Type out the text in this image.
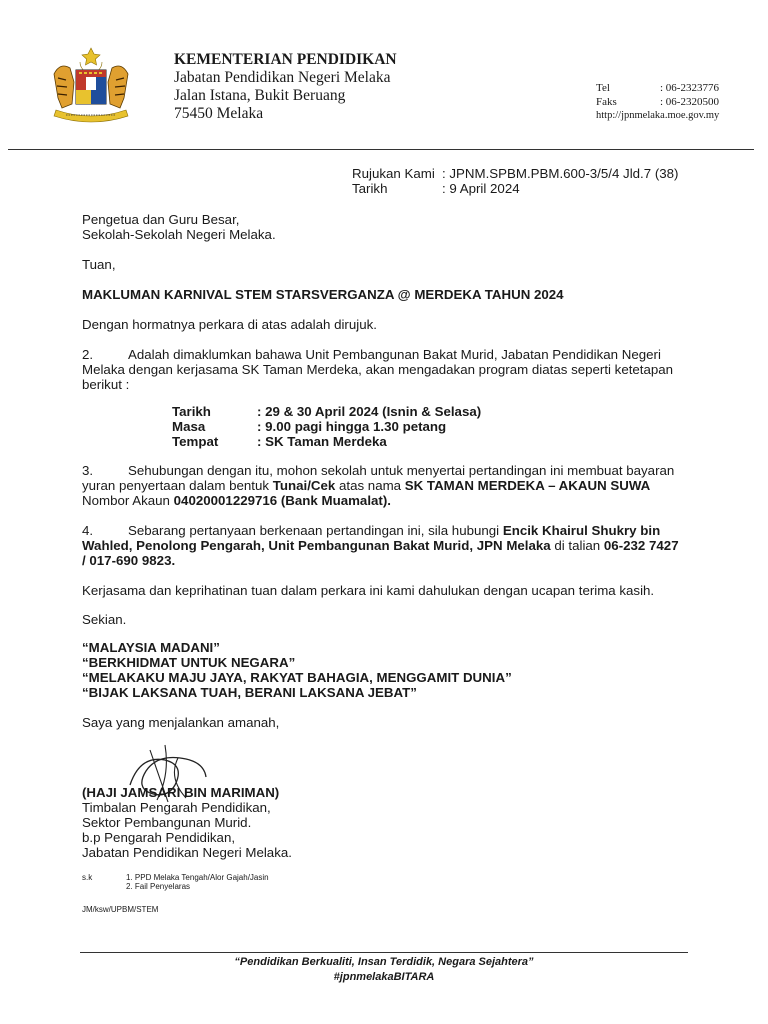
KEMENTERIAN PENDIDIKAN
Jabatan Pendidikan Negeri Melaka
Jalan Istana, Bukit Beruang
75450 Melaka
Tel	: 06-2323776
Faks	: 06-2320500
http://jpnmelaka.moe.gov.my
Rujukan Kami : JPNM.SPBM.PBM.600-3/5/4 Jld.7 (38)
Tarikh	: 9 April 2024
Pengetua dan Guru Besar,
Sekolah-Sekolah Negeri Melaka.
Tuan,
MAKLUMAN KARNIVAL STEM STARSVERGANZA @ MERDEKA TAHUN 2024
Dengan hormatnya perkara di atas adalah dirujuk.
2.	Adalah dimaklumkan bahawa Unit Pembangunan Bakat Murid, Jabatan Pendidikan Negeri
Melaka dengan kerjasama SK Taman Merdeka, akan mengadakan program diatas seperti ketetapan
berikut :
Tarikh	: 29 & 30 April 2024 (Isnin & Selasa)
Masa	: 9.00 pagi hingga 1.30 petang
Tempat	: SK Taman Merdeka
3.	Sehubungan dengan itu, mohon sekolah untuk menyertai pertandingan ini membuat bayaran
yuran penyertaan dalam bentuk Tunai/Cek atas nama SK TAMAN MERDEKA – AKAUN SUWA
Nombor Akaun 04020001229716 (Bank Muamalat).
4.	Sebarang pertanyaan berkenaan pertandingan ini, sila hubungi Encik Khairul Shukry bin
Wahled, Penolong Pengarah, Unit Pembangunan Bakat Murid, JPN Melaka di talian 06-232 7427
/ 017-690 9823.
Kerjasama dan keprihatinan tuan dalam perkara ini kami dahulukan dengan ucapan terima kasih.
Sekian.
“MALAYSIA MADANI”
“BERKHIDMAT UNTUK NEGARA”
“MELAKAKU MAJU JAYA, RAKYAT BAHAGIA, MENGGAMIT DUNIA”
“BIJAK LAKSANA TUAH, BERANI LAKSANA JEBAT”
Saya yang menjalankan amanah,
(HAJI JAMSARI BIN MARIMAN)
Timbalan Pengarah Pendidikan,
Sektor Pembangunan Murid.
b.p Pengarah Pendidikan,
Jabatan Pendidikan Negeri Melaka.
s.k	1. PPD Melaka Tengah/Alor Gajah/Jasin
2. Fail Penyelaras
JM/ksw/UPBM/STEM
“Pendidikan Berkualiti, Insan Terdidik, Negara Sejahtera”
#jpnmelakaBITARA
